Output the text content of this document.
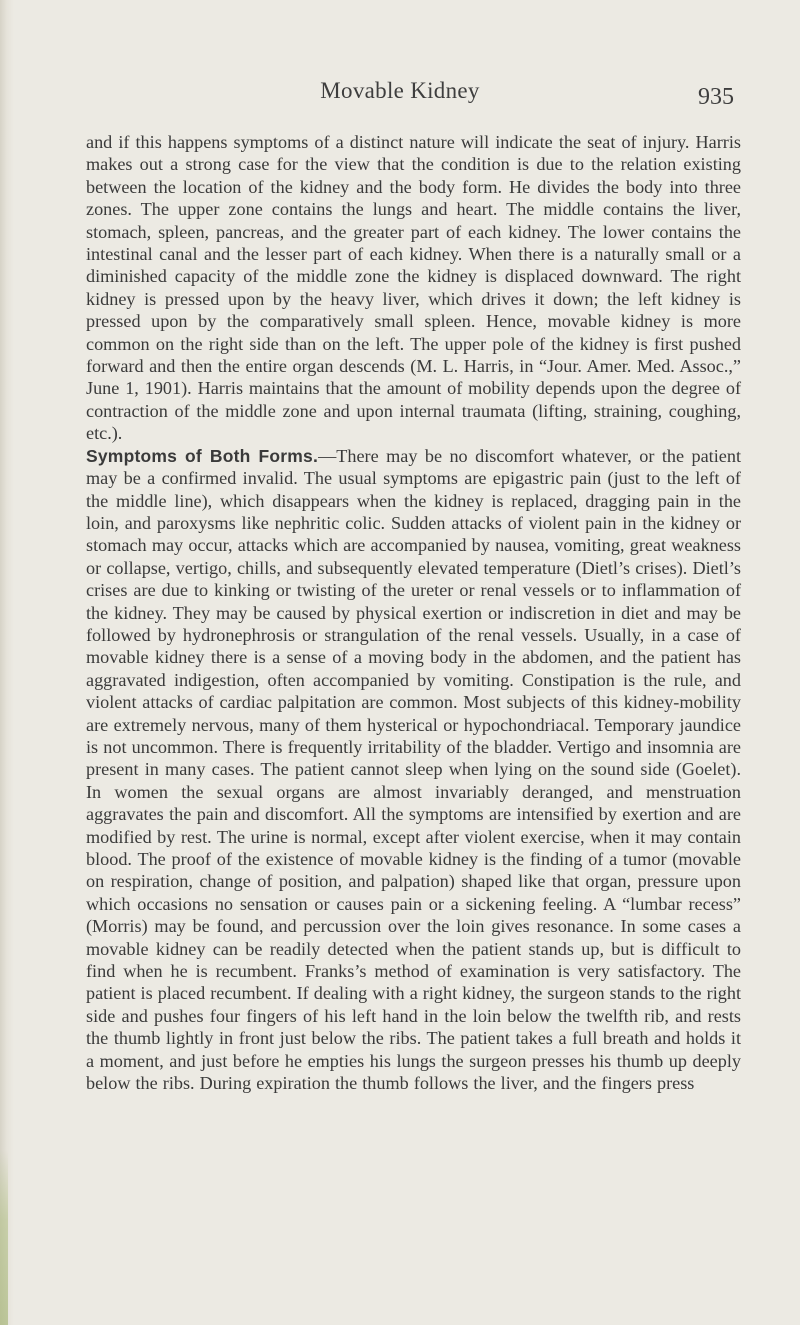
Movable Kidney	935

and if this happens symptoms of a distinct nature will indicate the seat of injury. Harris makes out a strong case for the view that the condition is due to the relation existing between the location of the kidney and the body form. He divides the body into three zones. The upper zone contains the lungs and heart. The middle contains the liver, stomach, spleen, pancreas, and the greater part of each kidney. The lower contains the intestinal canal and the lesser part of each kidney. When there is a naturally small or a diminished capacity of the middle zone the kidney is displaced downward. The right kidney is pressed upon by the heavy liver, which drives it down; the left kidney is pressed upon by the comparatively small spleen. Hence, movable kidney is more common on the right side than on the left. The upper pole of the kidney is first pushed forward and then the entire organ descends (M. L. Harris, in “Jour. Amer. Med. Assoc.,” June 1, 1901). Harris maintains that the amount of mobility depends upon the degree of contraction of the middle zone and upon internal traumata (lifting, straining, coughing, etc.).

Symptoms of Both Forms.—There may be no discomfort whatever, or the patient may be a confirmed invalid. The usual symptoms are epigastric pain (just to the left of the middle line), which disappears when the kidney is replaced, dragging pain in the loin, and paroxysms like nephritic colic. Sudden attacks of violent pain in the kidney or stomach may occur, attacks which are accompanied by nausea, vomiting, great weakness or collapse, vertigo, chills, and subsequently elevated temperature (Dietl’s crises). Dietl’s crises are due to kinking or twisting of the ureter or renal vessels or to inflammation of the kidney. They may be caused by physical exertion or indiscretion in diet and may be followed by hydronephrosis or strangulation of the renal vessels. Usually, in a case of movable kidney there is a sense of a moving body in the abdomen, and the patient has aggravated indigestion, often accompanied by vomiting. Constipation is the rule, and violent attacks of cardiac palpitation are common. Most subjects of this kidney-mobility are extremely nervous, many of them hysterical or hypochondriacal. Temporary jaundice is not uncommon. There is frequently irritability of the bladder. Vertigo and insomnia are present in many cases. The patient cannot sleep when lying on the sound side (Goelet). In women the sexual organs are almost invariably deranged, and menstruation aggravates the pain and discomfort. All the symptoms are intensified by exertion and are modified by rest. The urine is normal, except after violent exercise, when it may contain blood. The proof of the existence of movable kidney is the finding of a tumor (movable on respiration, change of position, and palpation) shaped like that organ, pressure upon which occasions no sensation or causes pain or a sickening feeling. A “lumbar recess” (Morris) may be found, and percussion over the loin gives resonance. In some cases a movable kidney can be readily detected when the patient stands up, but is difficult to find when he is recumbent. Franks’s method of examination is very satisfactory. The patient is placed recumbent. If dealing with a right kidney, the surgeon stands to the right side and pushes four fingers of his left hand in the loin below the twelfth rib, and rests the thumb lightly in front just below the ribs. The patient takes a full breath and holds it a moment, and just before he empties his lungs the surgeon presses his thumb up deeply below the ribs. During expiration the thumb follows the liver, and the fingers press
